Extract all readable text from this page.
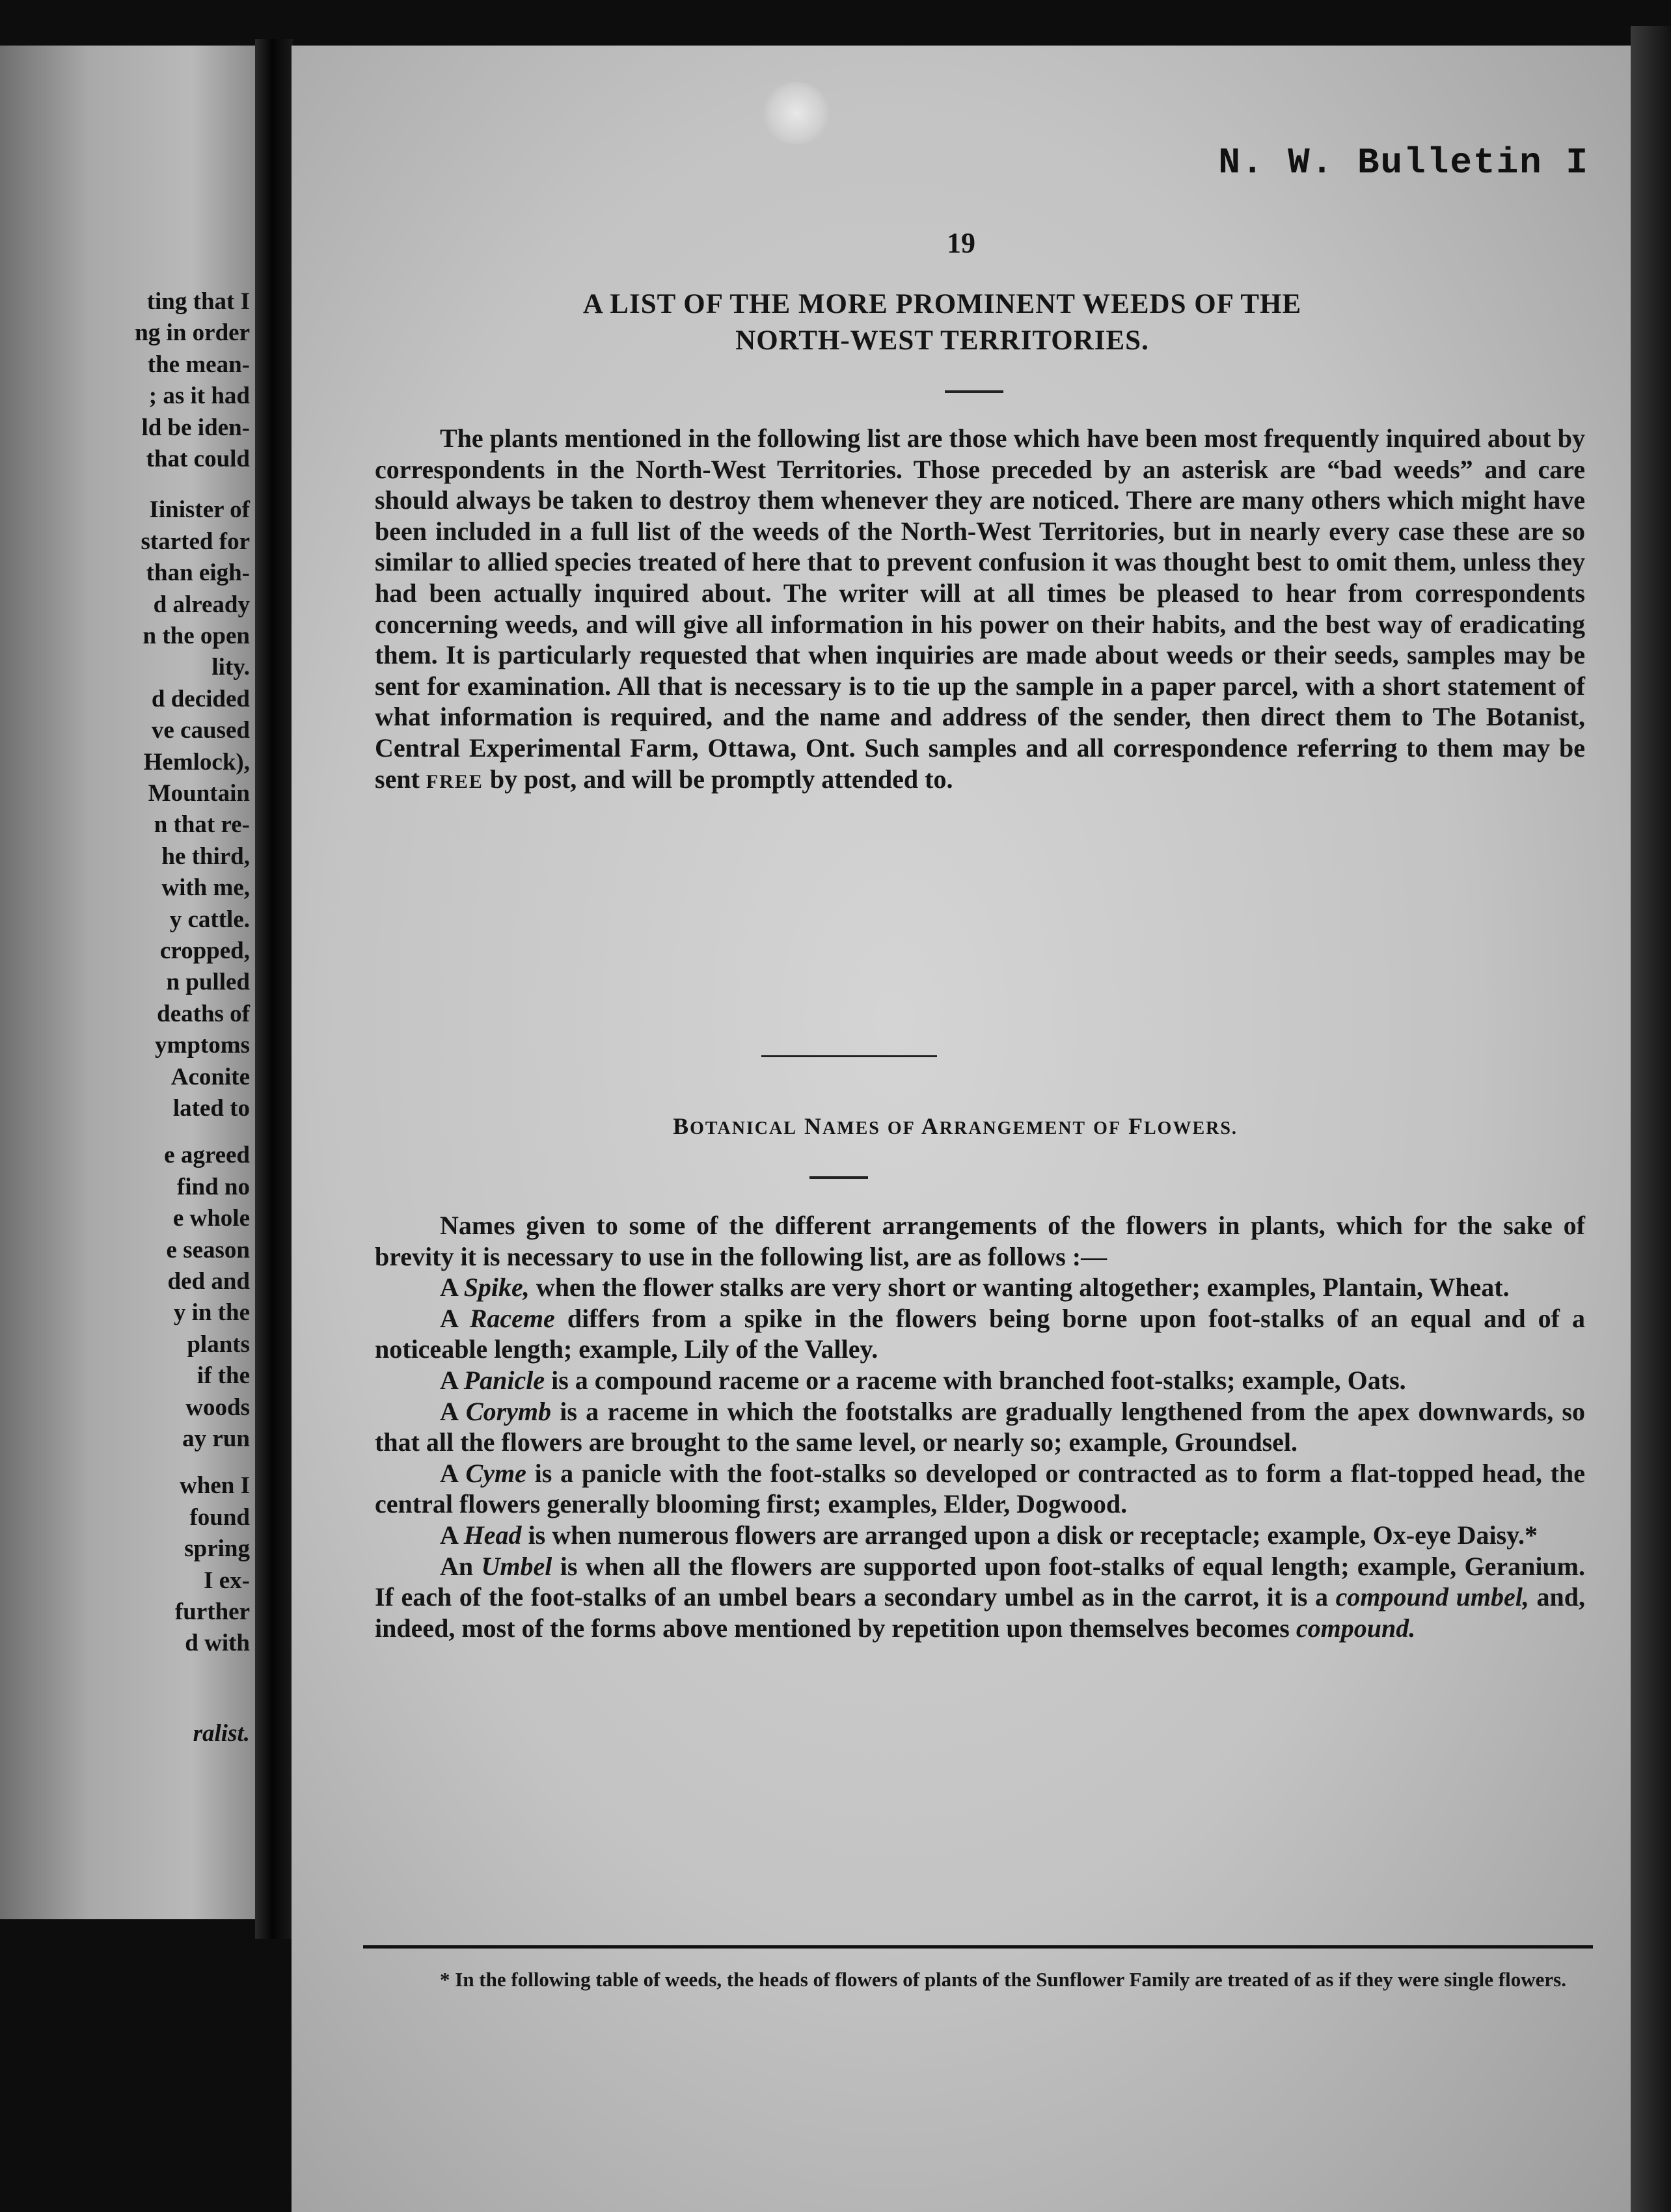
ting that I

ng in order

the mean-

; as it had

ld be iden-

that could

Iinister of

started for

than eigh-

d already

n the open

lity.

d decided

ve caused

Hemlock),

Mountain

n that re-

he third,

with me,

y cattle.

cropped,

n pulled

deaths of

ymptoms

Aconite

lated to

e agreed

find no

e whole

e season

ded and

y in the

plants

if the

woods

ay run

when I

found

spring

I ex-

further

d with

ralist.

N. W. Bulletin I

19

A LIST OF THE MORE PROMINENT WEEDS OF THE
NORTH-WEST TERRITORIES.

The plants mentioned in the following list are those which have been most frequently inquired about by correspondents in the North-West Territories. Those preceded by an asterisk are “bad weeds” and care should always be taken to destroy them whenever they are noticed. There are many others which might have been included in a full list of the weeds of the North-West Territories, but in nearly every case these are so similar to allied species treated of here that to prevent confusion it was thought best to omit them, unless they had been actually inquired about. The writer will at all times be pleased to hear from correspondents concerning weeds, and will give all information in his power on their habits, and the best way of eradicating them. It is particularly requested that when inquiries are made about weeds or their seeds, samples may be sent for examination. All that is necessary is to tie up the sample in a paper parcel, with a short statement of what information is required, and the name and address of the sender, then direct them to The Botanist, Central Experimental Farm, Ottawa, Ont. Such samples and all correspondence referring to them may be sent FREE by post, and will be promptly attended to.

BOTANICAL NAMES OF ARRANGEMENT OF FLOWERS.

Names given to some of the different arrangements of the flowers in plants, which for the sake of brevity it is necessary to use in the following list, are as follows :—

A Spike, when the flower stalks are very short or wanting altogether; examples, Plantain, Wheat.

A Raceme differs from a spike in the flowers being borne upon foot-stalks of an equal and of a noticeable length; example, Lily of the Valley.

A Panicle is a compound raceme or a raceme with branched foot-stalks; example, Oats.

A Corymb is a raceme in which the footstalks are gradually lengthened from the apex downwards, so that all the flowers are brought to the same level, or nearly so; example, Groundsel.

A Cyme is a panicle with the foot-stalks so developed or contracted as to form a flat-topped head, the central flowers generally blooming first; examples, Elder, Dogwood.

A Head is when numerous flowers are arranged upon a disk or receptacle; example, Ox-eye Daisy.*

An Umbel is when all the flowers are supported upon foot-stalks of equal length; example, Geranium. If each of the foot-stalks of an umbel bears a secondary umbel as in the carrot, it is a compound umbel, and, indeed, most of the forms above mentioned by repetition upon themselves becomes compound.

* In the following table of weeds, the heads of flowers of plants of the Sunflower Family are treated of as if they were single flowers.
